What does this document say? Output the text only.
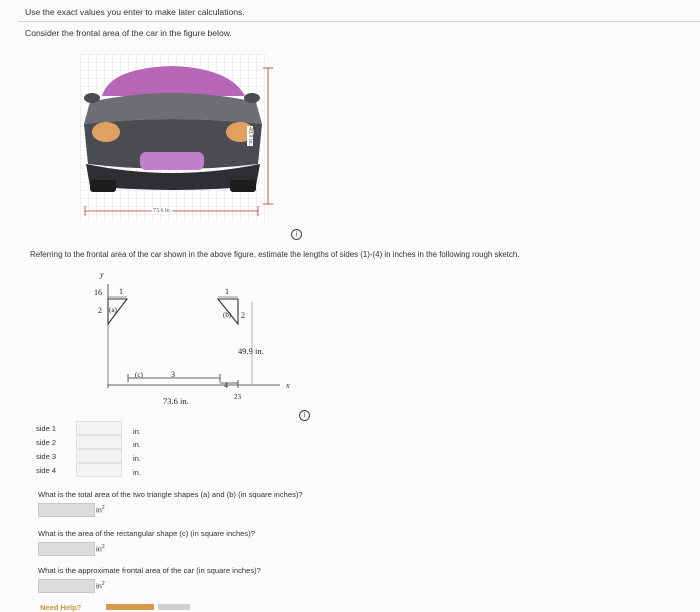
Use the exact values you enter to make later calculations.
Consider the frontal area of the car in the figure below.
73.6 in.
49.9 in.
i
Referring to the frontal area of the car shown in the above figure, estimate the lengths of sides (1)-(4) in inches in the following rough sketch.
y
x
16 1
2 (a)
1
(b) 2
49.9 in.
(c)	3
4
23
73.6 in.
i
side 1	in.
side 2	in.
side 3	in.
side 4	in.
What is the total area of the two triangle shapes (a) and (b) (in square inches)?
$in^2$
What is the area of the rectangular shape (c) (in square inches)?
$in^2$
What is the approximate frontal area of the car (in square inches)?
$in^2$
Need Help?
